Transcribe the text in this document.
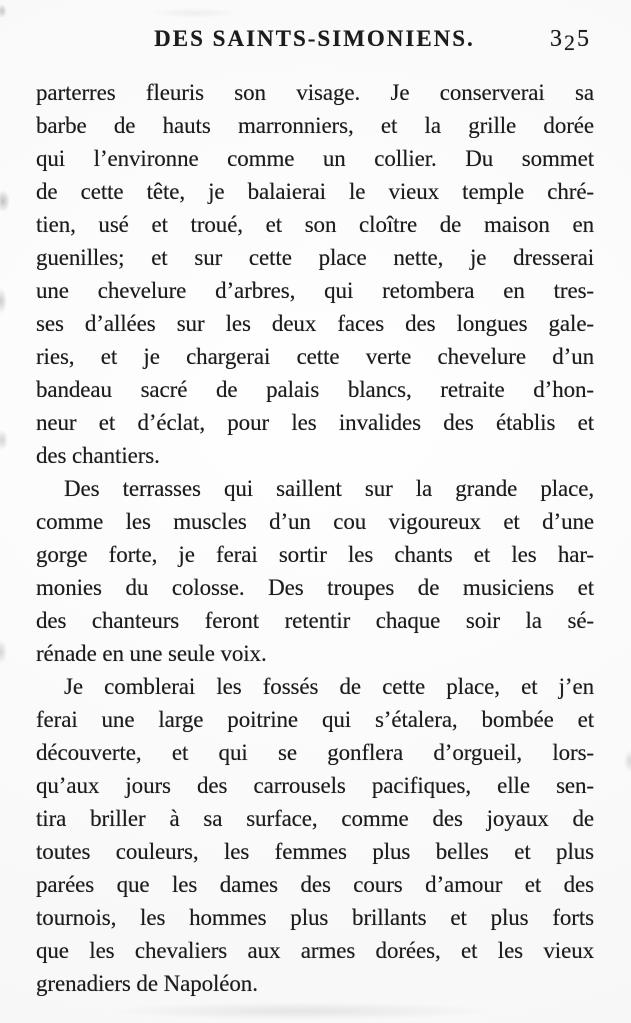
DES SAINTS-SIMONIENS.	325
parterres fleuris son visage. Je conserverai sa
barbe de hauts marronniers, et la grille dorée
qui l’environne comme un collier. Du sommet
de cette tête, je balaierai le vieux temple chré-
tien, usé et troué, et son cloître de maison en
guenilles; et sur cette place nette, je dresserai
une chevelure d’arbres, qui retombera en tres-
ses d’allées sur les deux faces des longues gale-
ries, et je chargerai cette verte chevelure d’un
bandeau sacré de palais blancs, retraite d’hon-
neur et d’éclat, pour les invalides des établis et
des chantiers.
Des terrasses qui saillent sur la grande place,
comme les muscles d’un cou vigoureux et d’une
gorge forte, je ferai sortir les chants et les har-
monies du colosse. Des troupes de musiciens et
des chanteurs feront retentir chaque soir la sé-
rénade en une seule voix.
Je comblerai les fossés de cette place, et j’en
ferai une large poitrine qui s’étalera, bombée et
découverte, et qui se gonflera d’orgueil, lors-
qu’aux jours des carrousels pacifiques, elle sen-
tira briller à sa surface, comme des joyaux de
toutes couleurs, les femmes plus belles et plus
parées que les dames des cours d’amour et des
tournois, les hommes plus brillants et plus forts
que les chevaliers aux armes dorées, et les vieux
grenadiers de Napoléon.
